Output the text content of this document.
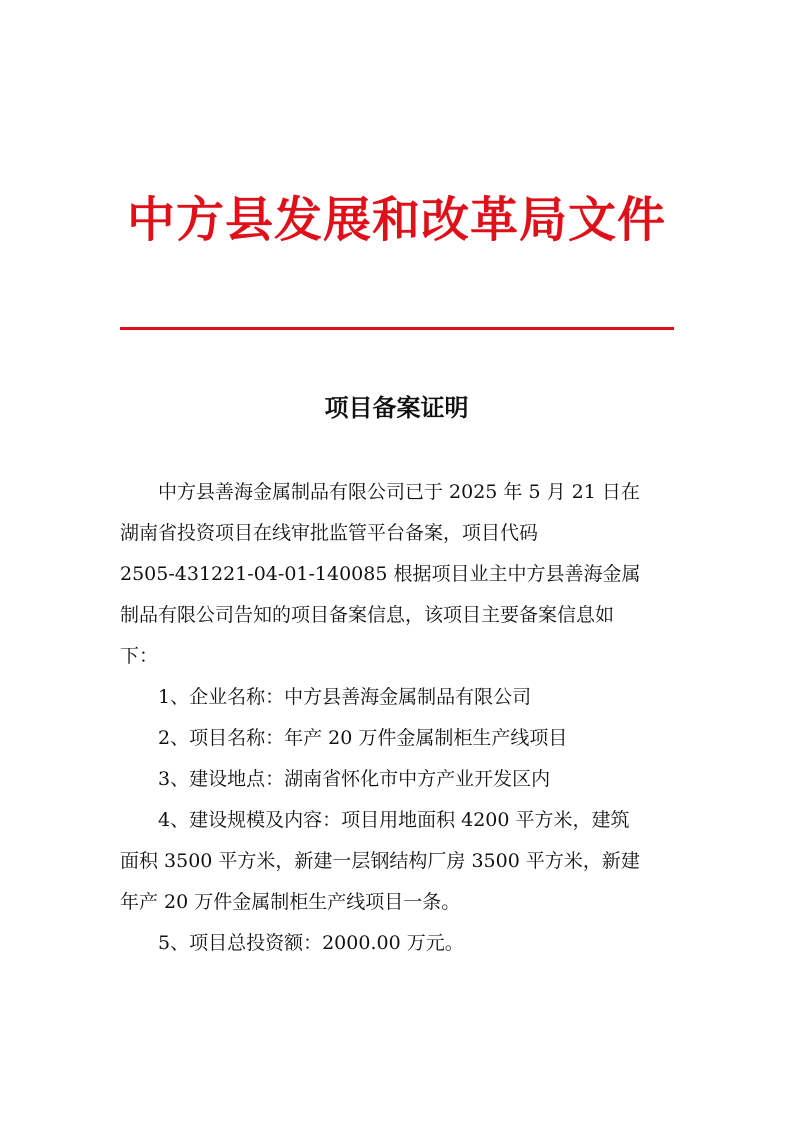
中方县发展和改革局文件
项目备案证明
中方县善海金属制品有限公司已于 2025 年 5 月 21 日在
湖南省投资项目在线审批监管平台备案，项目代码
2505-431221-04-01-140085 根据项目业主中方县善海金属
制品有限公司告知的项目备案信息，该项目主要备案信息如
下：
1、企业名称：中方县善海金属制品有限公司
2、项目名称：年产 20 万件金属制柜生产线项目
3、建设地点：湖南省怀化市中方产业开发区内
4、建设规模及内容：项目用地面积 4200 平方米，建筑
面积 3500 平方米，新建一层钢结构厂房 3500 平方米，新建
年产 20 万件金属制柜生产线项目一条。
5、项目总投资额：2000.00 万元。
